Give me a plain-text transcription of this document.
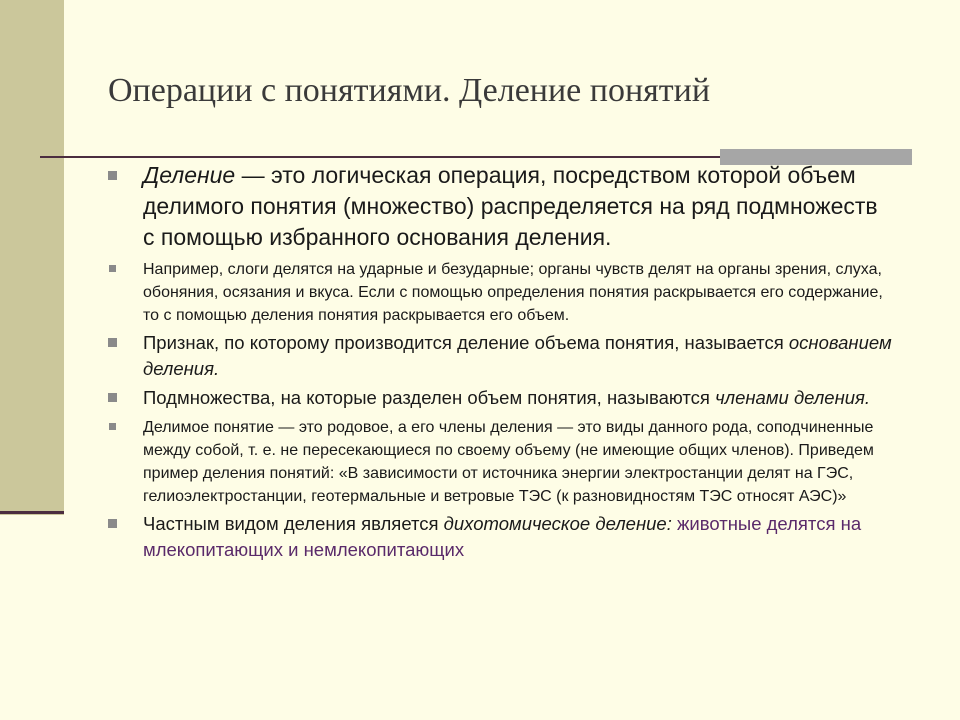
Операции с понятиями. Деление понятий
Деление — это логическая операция, посредством которой объем делимого понятия (множество) распределяется на ряд подмножеств с помощью избранного основания деления.
Например, слоги делятся на ударные и безударные; органы чувств делят на органы зрения, слуха, обоняния, осязания и вкуса. Если с помощью определения понятия раскрывается его содержание, то с помощью деления понятия раскрывается его объем.
Признак, по которому производится деление объема понятия, называется основанием деления.
Подмножества, на которые разделен объем понятия, называются членами деления.
Делимое понятие — это родовое, а его члены деления — это виды данного рода, соподчиненные между собой, т. е. не пересекающиеся по своему объему (не имеющие общих членов). Приведем пример деления понятий: «В зависимости от источника энергии электростанции делят на ГЭС, гелиоэлектростанции, геотермальные и ветровые ТЭС (к разновидностям ТЭС относят АЭС)»
Частным видом деления является дихотомическое деление: животные делятся на млекопитающих и немлекопитающих
